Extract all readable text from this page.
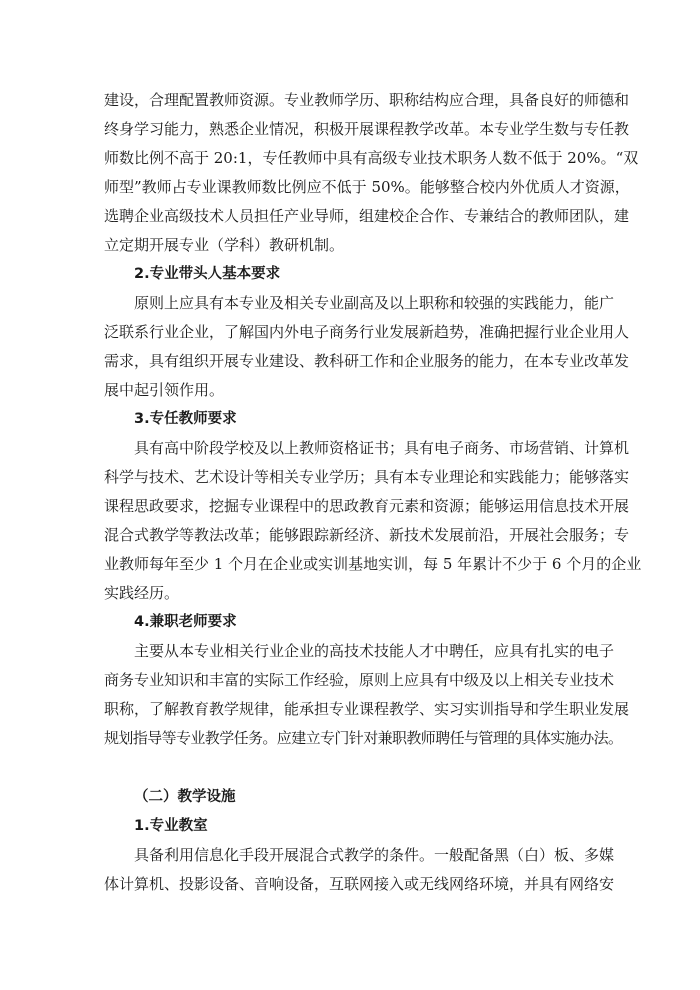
建设，合理配置教师资源。专业教师学历、职称结构应合理，具备良好的师德和
终身学习能力，熟悉企业情况，积极开展课程教学改革。本专业学生数与专任教
师数比例不高于 20:1，专任教师中具有高级专业技术职务人数不低于 20%。“双
师型”教师占专业课教师数比例应不低于 50%。能够整合校内外优质人才资源，
选聘企业高级技术人员担任产业导师，组建校企合作、专兼结合的教师团队，建
立定期开展专业（学科）教研机制。

2.专业带头人基本要求

原则上应具有本专业及相关专业副高及以上职称和较强的实践能力，能广
泛联系行业企业，了解国内外电子商务行业发展新趋势，准确把握行业企业用人
需求，具有组织开展专业建设、教科研工作和企业服务的能力，在本专业改革发
展中起引领作用。

3.专任教师要求

具有高中阶段学校及以上教师资格证书；具有电子商务、市场营销、计算机
科学与技术、艺术设计等相关专业学历；具有本专业理论和实践能力；能够落实
课程思政要求，挖掘专业课程中的思政教育元素和资源；能够运用信息技术开展
混合式教学等教法改革；能够跟踪新经济、新技术发展前沿，开展社会服务；专
业教师每年至少 1 个月在企业或实训基地实训，每 5 年累计不少于 6 个月的企业
实践经历。

4.兼职老师要求

主要从本专业相关行业企业的高技术技能人才中聘任，应具有扎实的电子
商务专业知识和丰富的实际工作经验，原则上应具有中级及以上相关专业技术
职称，了解教育教学规律，能承担专业课程教学、实习实训指导和学生职业发展
规划指导等专业教学任务。应建立专门针对兼职教师聘任与管理的具体实施办法。

（二）教学设施
1.专业教室

具备利用信息化手段开展混合式教学的条件。一般配备黑（白）板、多媒
体计算机、投影设备、音响设备，互联网接入或无线网络环境，并具有网络安
